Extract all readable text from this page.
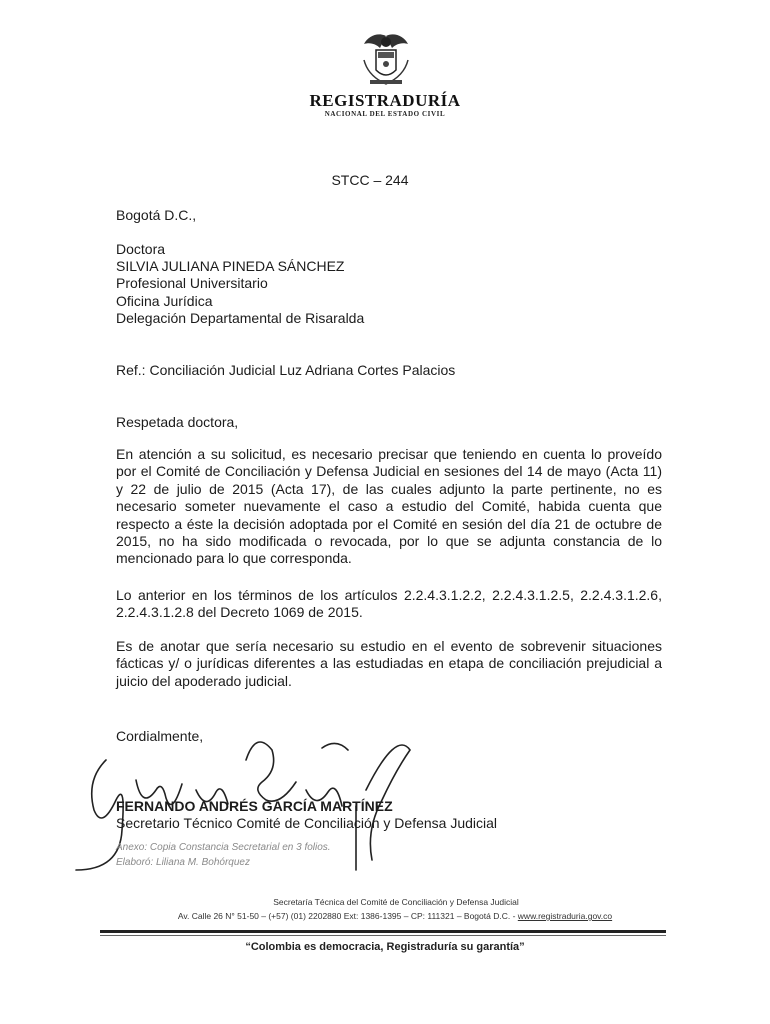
REGISTRADURÍA
NACIONAL DEL ESTADO CIVIL
STCC – 244
Bogotá D.C.,
Doctora
SILVIA JULIANA PINEDA SÁNCHEZ
Profesional Universitario
Oficina Jurídica
Delegación Departamental de Risaralda
Ref.: Conciliación Judicial Luz Adriana Cortes Palacios
Respetada doctora,

En atención a su solicitud, es necesario precisar que teniendo en cuenta lo proveído por el Comité de Conciliación y Defensa Judicial en sesiones del 14 de mayo (Acta 11) y 22 de julio de 2015 (Acta 17), de las cuales adjunto la parte pertinente, no es necesario someter nuevamente el caso a estudio del Comité, habida cuenta que respecto a éste la decisión adoptada por el Comité en sesión del día 21 de octubre de 2015, no ha sido modificada o revocada, por lo que se adjunta constancia de lo mencionado para lo que corresponda.

Lo anterior en los términos de los artículos 2.2.4.3.1.2.2, 2.2.4.3.1.2.5, 2.2.4.3.1.2.6, 2.2.4.3.1.2.8 del Decreto 1069 de 2015.

Es de anotar que sería necesario su estudio en el evento de sobrevenir situaciones fácticas y/ o jurídicas diferentes a las estudiadas en etapa de conciliación prejudicial a juicio del apoderado judicial.

Cordialmente,
FERNANDO ANDRÉS GARCÍA MARTÍNEZ
Secretario Técnico Comité de Conciliación y Defensa Judicial
Anexo: Copia Constancia Secretarial en 3 folios.
Elaboró: Liliana M. Bohórquez
Secretaría Técnica del Comité de Conciliación y Defensa Judicial
Av. Calle 26 N° 51-50 – (+57) (01) 2202880 Ext: 1386-1395 – CP: 111321 – Bogotá D.C. - www.registraduria.gov.co
“Colombia es democracia, Registraduría su garantía”
